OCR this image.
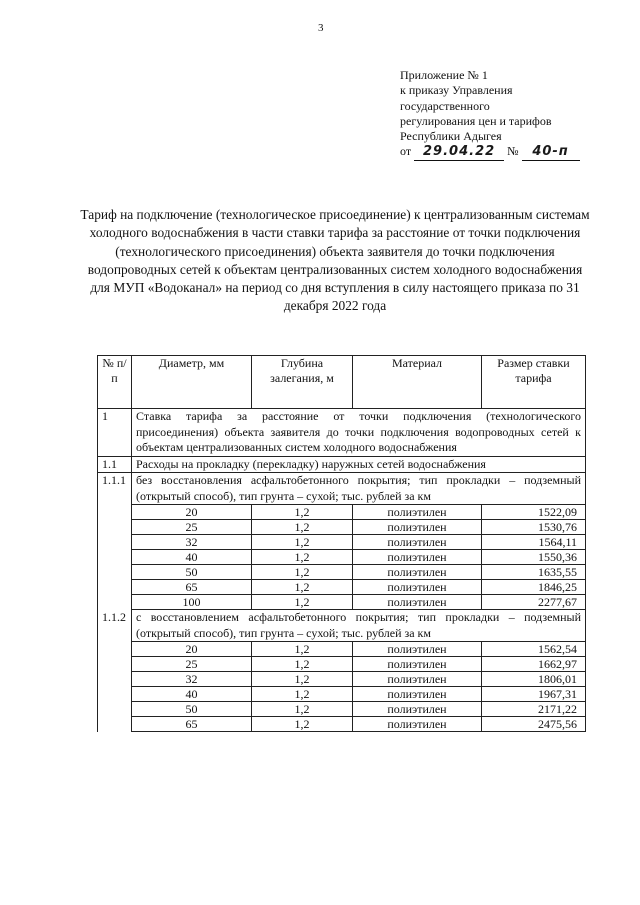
3
Приложение № 1
к приказу Управления
государственного
регулирования цен и тарифов
Республики Адыгея
от 29.04.22 № 40-п
Тариф на подключение (технологическое присоединение) к централизованным системам холодного водоснабжения в части ставки тарифа за расстояние от точки подключения (технологического присоединения) объекта заявителя до точки подключения водопроводных сетей к объектам централизованных систем холодного водоснабжения для МУП «Водоканал» на период со дня вступления в силу настоящего приказа по 31 декабря 2022 года
№ п/п	Диаметр, мм	Глубина залегания, м	Материал	Размер ставки тарифа
1	Ставка тарифа за расстояние от точки подключения (технологического присоединения) объекта заявителя до точки подключения водопроводных сетей к объектам централизованных систем холодного водоснабжения			
1.1	Расходы на прокладку (перекладку) наружных сетей водоснабжения			
1.1.1	без восстановления асфальтобетонного покрытия; тип прокладки – подземный (открытый способ), тип грунта – сухой; тыс. рублей за км			
	20	1,2	полиэтилен	1522,09
	25	1,2	полиэтилен	1530,76
	32	1,2	полиэтилен	1564,11
	40	1,2	полиэтилен	1550,36
	50	1,2	полиэтилен	1635,55
	65	1,2	полиэтилен	1846,25
	100	1,2	полиэтилен	2277,67
1.1.2	с восстановлением асфальтобетонного покрытия; тип прокладки – подземный (открытый способ), тип грунта – сухой; тыс. рублей за км			
	20	1,2	полиэтилен	1562,54
	25	1,2	полиэтилен	1662,97
	32	1,2	полиэтилен	1806,01
	40	1,2	полиэтилен	1967,31
	50	1,2	полиэтилен	2171,22
	65	1,2	полиэтилен	2475,56
